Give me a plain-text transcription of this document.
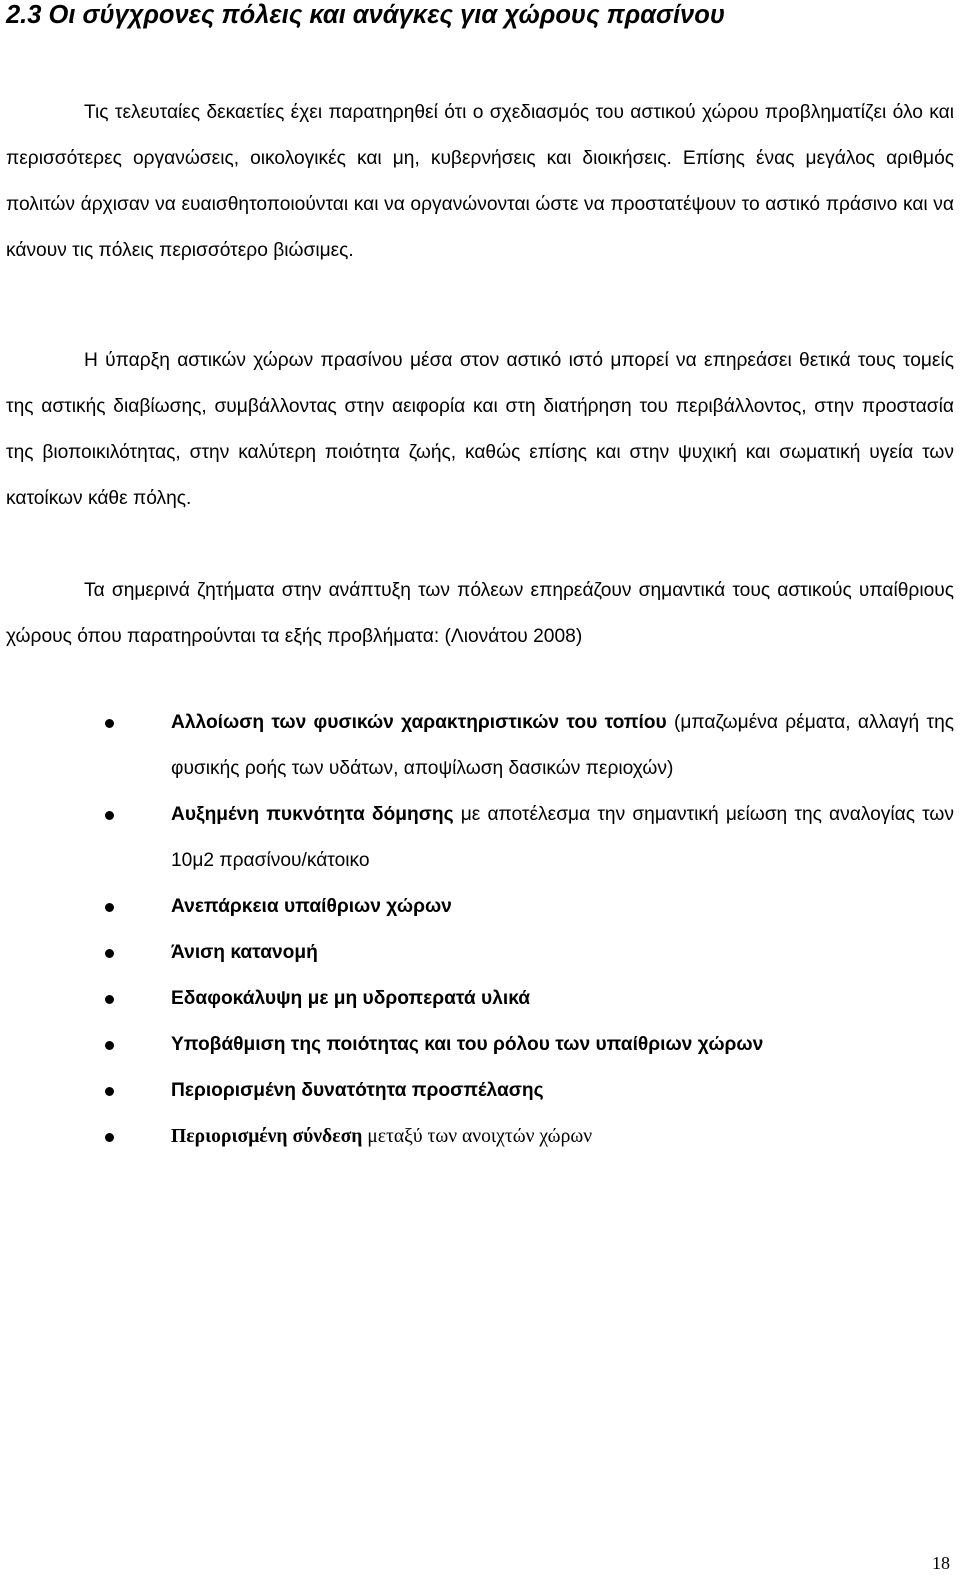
2.3 Οι σύγχρονες πόλεις και ανάγκες για χώρους πρασίνου

Τις τελευταίες δεκαετίες έχει παρατηρηθεί ότι ο σχεδιασμός του αστικού χώρου προβληματίζει όλο και περισσότερες οργανώσεις, οικολογικές και μη, κυβερνήσεις και διοικήσεις. Επίσης ένας μεγάλος αριθμός πολιτών άρχισαν να ευαισθητοποιούνται και να οργανώνονται ώστε να προστατέψουν το αστικό πράσινο και να κάνουν τις πόλεις περισσότερο βιώσιμες.

Η ύπαρξη αστικών χώρων πρασίνου μέσα στον αστικό ιστό μπορεί να επηρεάσει θετικά τους τομείς της αστικής διαβίωσης, συμβάλλοντας στην αειφορία και στη διατήρηση του περιβάλλοντος, στην προστασία της βιοποικιλότητας, στην καλύτερη ποιότητα ζωής, καθώς επίσης και στην ψυχική και σωματική υγεία των κατοίκων κάθε πόλης.

Τα σημερινά ζητήματα στην ανάπτυξη των πόλεων επηρεάζουν σημαντικά τους αστικούς υπαίθριους χώρους όπου παρατηρούνται τα εξής προβλήματα: (Λιονάτου 2008)

Αλλοίωση των φυσικών χαρακτηριστικών του τοπίου (μπαζωμένα ρέματα, αλλαγή της φυσικής ροής των υδάτων, αποψίλωση δασικών περιοχών)
Αυξημένη πυκνότητα δόμησης με αποτέλεσμα την σημαντική μείωση της αναλογίας των 10μ2 πρασίνου/κάτοικο
Ανεπάρκεια υπαίθριων χώρων
Άνιση κατανομή
Εδαφοκάλυψη με μη υδροπερατά υλικά
Υποβάθμιση της ποιότητας και του ρόλου των υπαίθριων χώρων
Περιορισμένη δυνατότητα προσπέλασης
Περιορισμένη σύνδεση μεταξύ των ανοιχτών χώρων
18
